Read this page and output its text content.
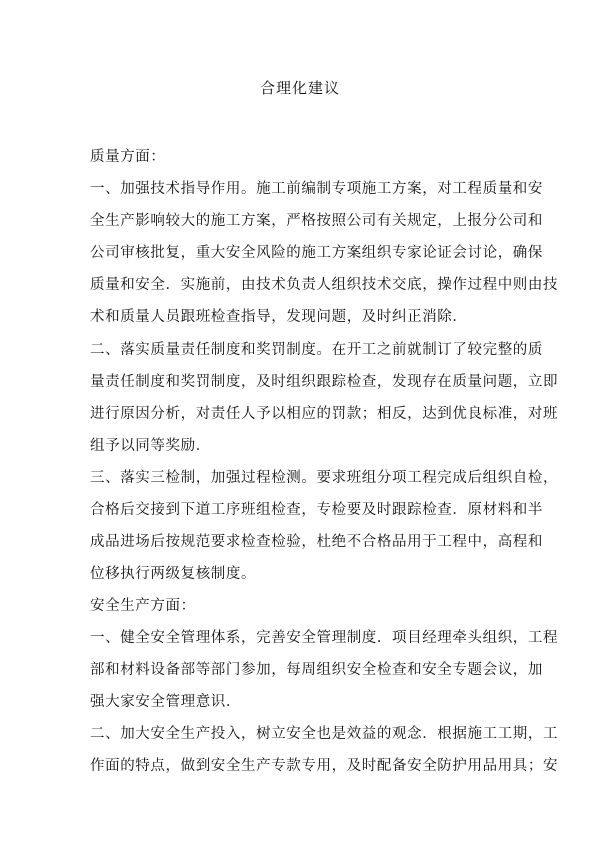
合理化建议
质量方面：
一、加强技术指导作用。施工前编制专项施工方案，对工程质量和安
全生产影响较大的施工方案，严格按照公司有关规定，上报分公司和
公司审核批复，重大安全风险的施工方案组织专家论证会讨论，确保
质量和安全．实施前，由技术负责人组织技术交底，操作过程中则由技
术和质量人员跟班检查指导，发现问题，及时纠正消除．
二、落实质量责任制度和奖罚制度。在开工之前就制订了较完整的质
量责任制度和奖罚制度，及时组织跟踪检查，发现存在质量问题，立即
进行原因分析，对责任人予以相应的罚款；相反，达到优良标准，对班
组予以同等奖励．
三、落实三检制，加强过程检测。要求班组分项工程完成后组织自检，
合格后交接到下道工序班组检查，专检要及时跟踪检查．原材料和半
成品进场后按规范要求检查检验，杜绝不合格品用于工程中，高程和
位移执行两级复核制度。
安全生产方面：
一、健全安全管理体系，完善安全管理制度．项目经理牵头组织，工程
部和材料设备部等部门参加，每周组织安全检查和安全专题会议，加
强大家安全管理意识．
二、加大安全生产投入，树立安全也是效益的观念．根据施工工期，工
作面的特点，做到安全生产专款专用，及时配备安全防护用品用具；安
